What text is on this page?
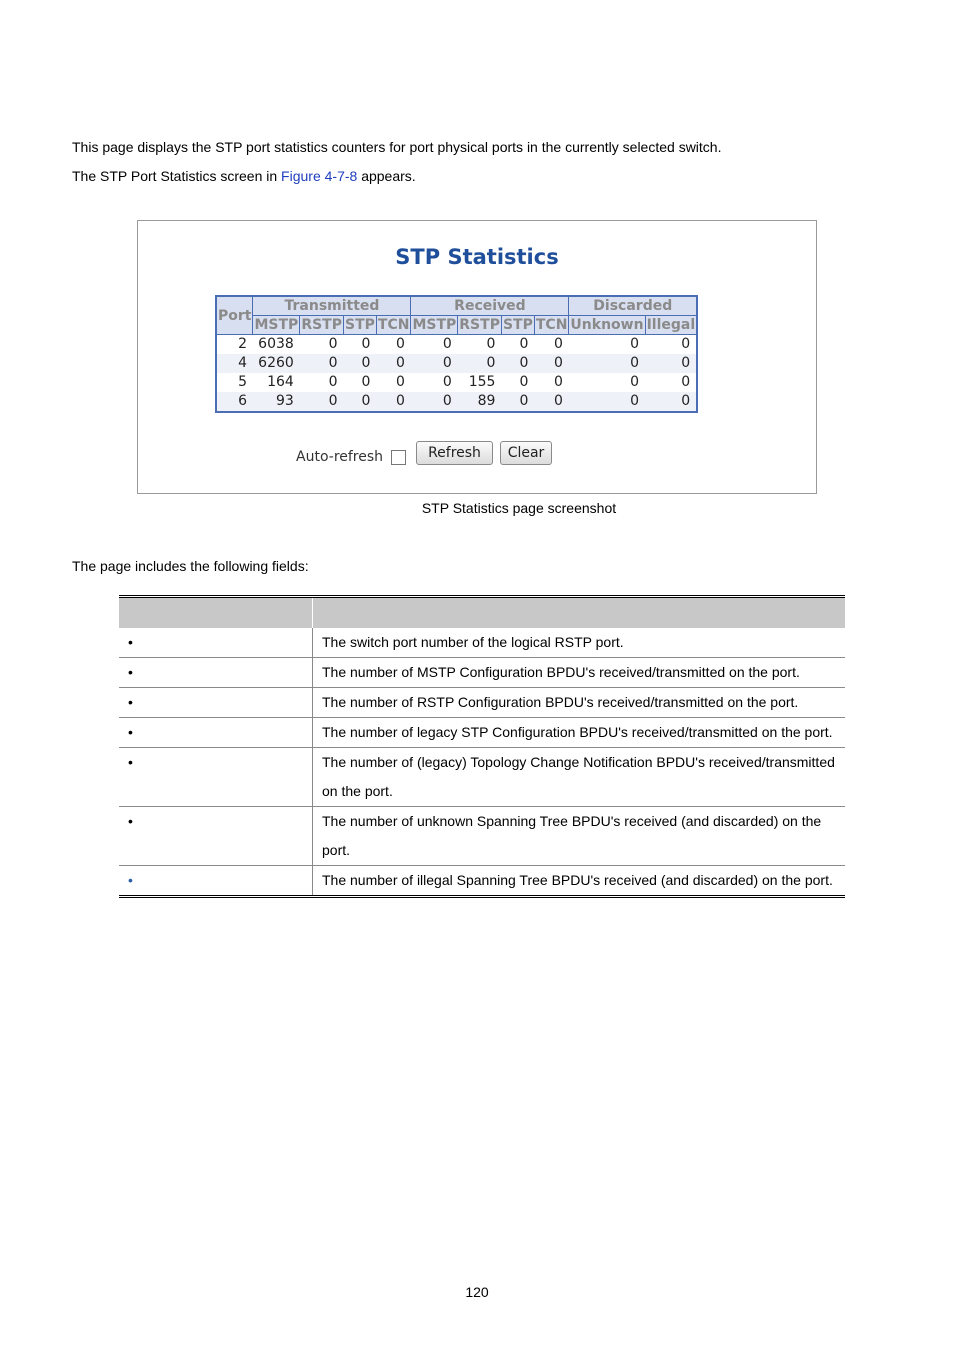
This page displays the STP port statistics counters for port physical ports in the currently selected switch.

The STP Port Statistics screen in Figure 4-7-8 appears.

STP Statistics
Port	Transmitted				Received				Discarded	
	MSTP	RSTP	STP	TCN	MSTP	RSTP	STP	TCN	Unknown	Illegal
2	6038	0	0	0	0	0	0	0	0	0
4	6260	0	0	0	0	0	0	0	0	0
5	164	0	0	0	0	155	0	0	0	0
6	93	0	0	0	0	89	0	0	0	0
Auto-refresh	Refresh	Clear
STP Statistics page screenshot

The page includes the following fields:

•	The switch port number of the logical RSTP port.
•	The number of MSTP Configuration BPDU's received/transmitted on the port.
•	The number of RSTP Configuration BPDU's received/transmitted on the port.
•	The number of legacy STP Configuration BPDU's received/transmitted on the port.
•	The number of (legacy) Topology Change Notification BPDU's received/transmitted on the port.
•	The number of unknown Spanning Tree BPDU's received (and discarded) on the port.
•	The number of illegal Spanning Tree BPDU's received (and discarded) on the port.
120
